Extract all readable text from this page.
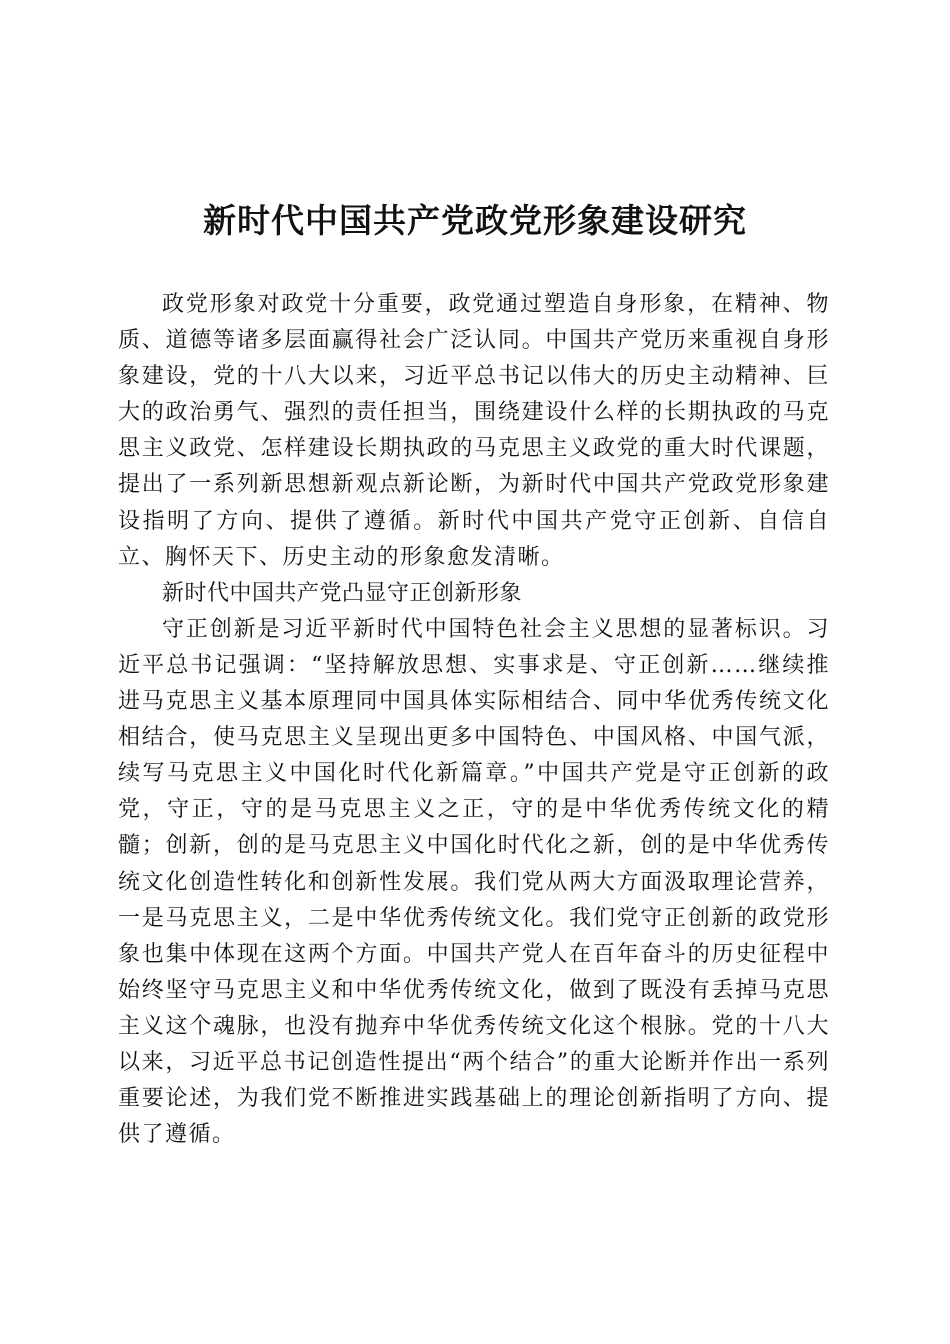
新时代中国共产党政党形象建设研究

政党形象对政党十分重要，政党通过塑造自身形象，在精神、物质、道德等诸多层面赢得社会广泛认同。中国共产党历来重视自身形象建设，党的十八大以来，习近平总书记以伟大的历史主动精神、巨大的政治勇气、强烈的责任担当，围绕建设什么样的长期执政的马克思主义政党、怎样建设长期执政的马克思主义政党的重大时代课题，提出了一系列新思想新观点新论断，为新时代中国共产党政党形象建设指明了方向、提供了遵循。新时代中国共产党守正创新、自信自立、胸怀天下、历史主动的形象愈发清晰。

新时代中国共产党凸显守正创新形象

守正创新是习近平新时代中国特色社会主义思想的显著标识。习近平总书记强调：“坚持解放思想、实事求是、守正创新……继续推进马克思主义基本原理同中国具体实际相结合、同中华优秀传统文化相结合，使马克思主义呈现出更多中国特色、中国风格、中国气派，续写马克思主义中国化时代化新篇章。”中国共产党是守正创新的政党，守正，守的是马克思主义之正，守的是中华优秀传统文化的精髓；创新，创的是马克思主义中国化时代化之新，创的是中华优秀传统文化创造性转化和创新性发展。我们党从两大方面汲取理论营养，一是马克思主义，二是中华优秀传统文化。我们党守正创新的政党形象也集中体现在这两个方面。中国共产党人在百年奋斗的历史征程中始终坚守马克思主义和中华优秀传统文化，做到了既没有丢掉马克思主义这个魂脉，也没有抛弃中华优秀传统文化这个根脉。党的十八大以来，习近平总书记创造性提出“两个结合”的重大论断并作出一系列重要论述，为我们党不断推进实践基础上的理论创新指明了方向、提供了遵循。
